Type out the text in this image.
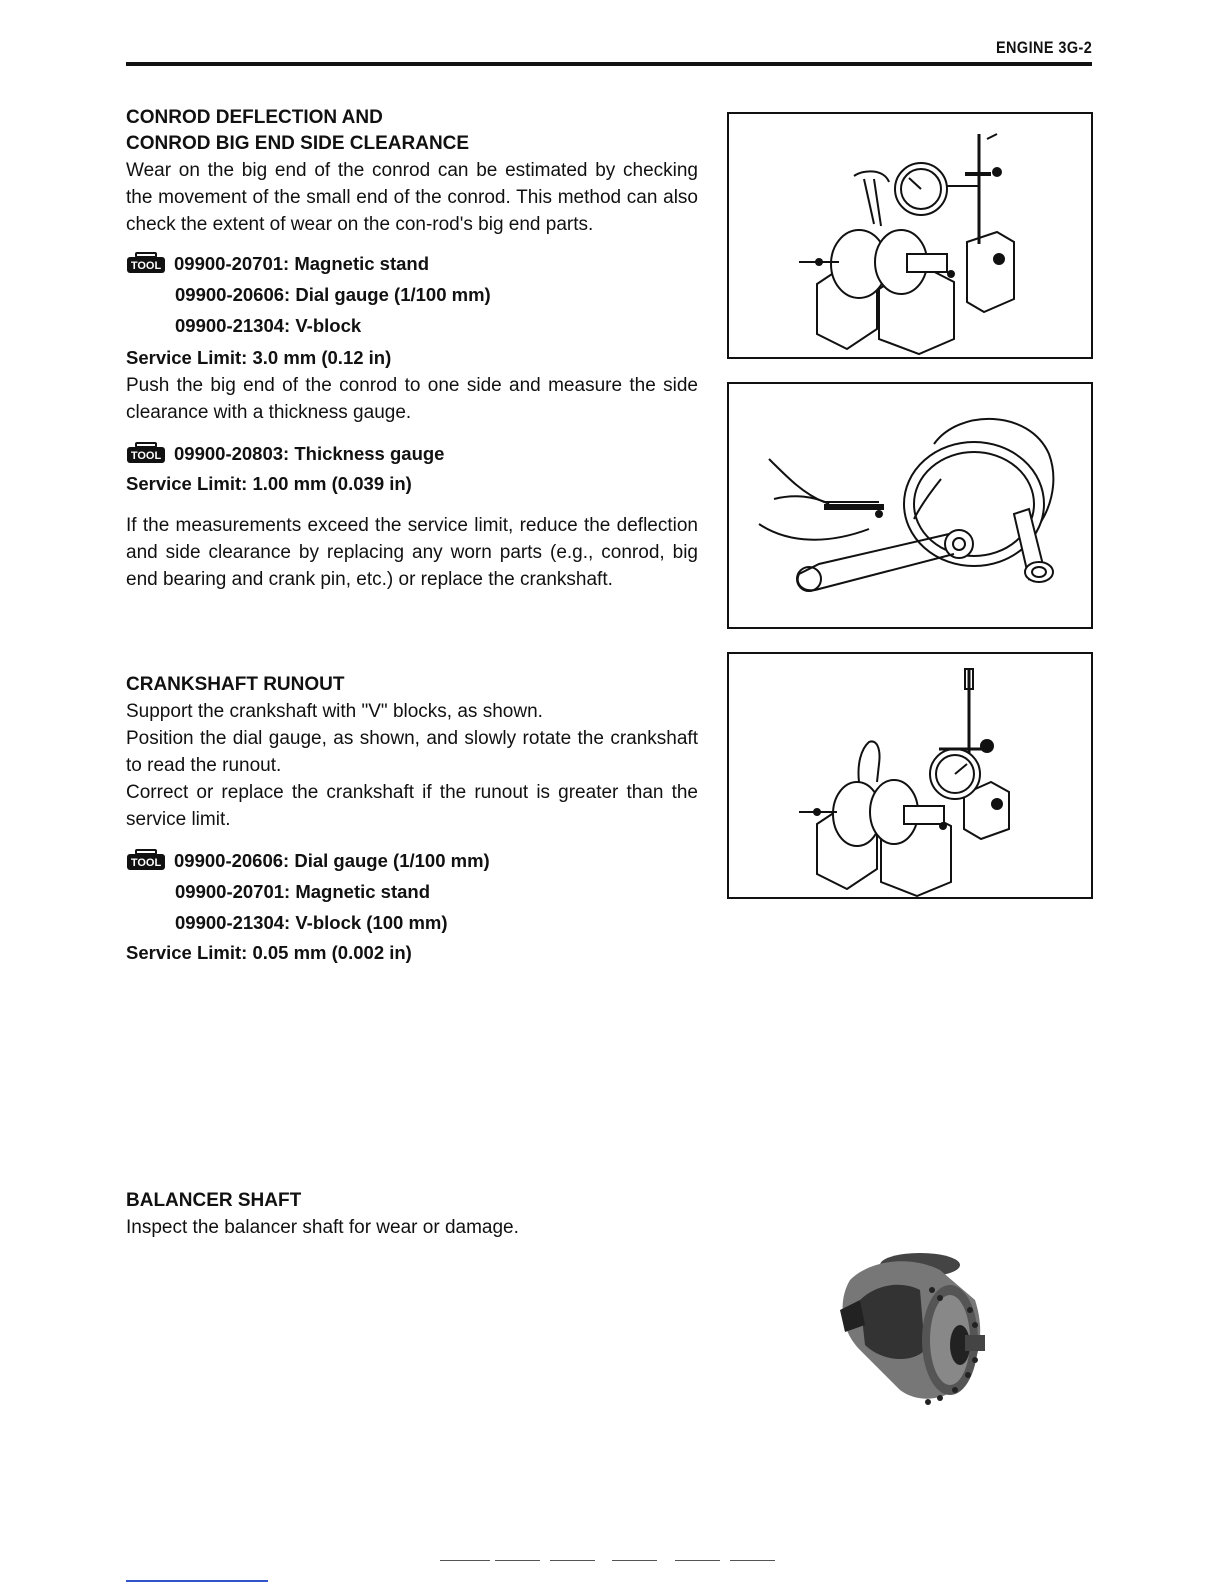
ENGINE 3G-2

CONROD DEFLECTION AND

CONROD BIG END SIDE CLEARANCE

Wear on the big end of the conrod can be estimated by checking the movement of the small end of the conrod. This method can also check the extent of wear on the con-rod's big end parts.

TOOL 09900-20701: Magnetic stand
09900-20606: Dial gauge (1/100 mm)
09900-21304: V-block
Service Limit: 3.0 mm (0.12 in)

Push the big end of the conrod to one side and measure the side clearance with a thickness gauge.

TOOL 09900-20803: Thickness gauge
Service Limit: 1.00 mm (0.039 in)

If the measurements exceed the service limit, reduce the deflection and side clearance by replacing any worn parts (e.g., conrod, big end bearing and crank pin, etc.) or replace the crankshaft.

CRANKSHAFT RUNOUT

Support the crankshaft with "V" blocks, as shown.

Position the dial gauge, as shown, and slowly rotate the crankshaft to read the runout.

Correct or replace the crankshaft if the runout is greater than the service limit.

TOOL 09900-20606: Dial gauge (1/100 mm)
09900-20701: Magnetic stand
09900-21304: V-block (100 mm)
Service Limit: 0.05 mm (0.002 in)

BALANCER SHAFT

Inspect the balancer shaft for wear or damage.
